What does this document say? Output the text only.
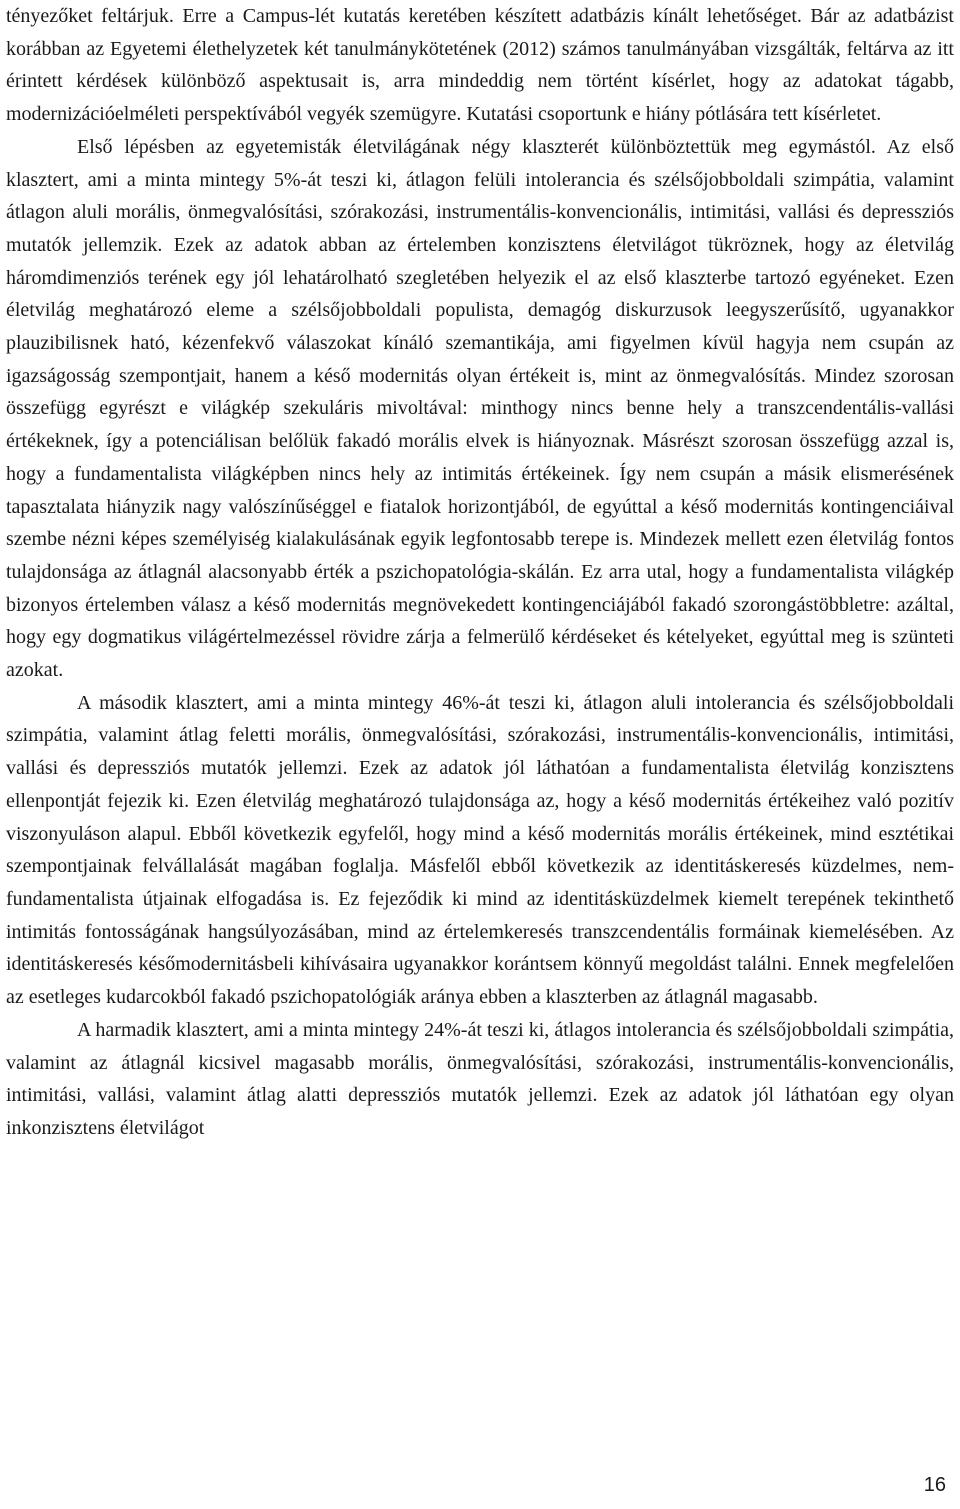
tényezőket feltárjuk. Erre a Campus-lét kutatás keretében készített adatbázis kínált lehetőséget. Bár az adatbázist korábban az Egyetemi élethelyzetek két tanulmánykötetének (2012) számos tanulmányában vizsgálták, feltárva az itt érintett kérdések különböző aspektusait is, arra mindeddig nem történt kísérlet, hogy az adatokat tágabb, modernizációelméleti perspektívából vegyék szemügyre. Kutatási csoportunk e hiány pótlására tett kísérletet.

Első lépésben az egyetemisták életvilágának négy klaszterét különböztettük meg egymástól. Az első klasztert, ami a minta mintegy 5%-át teszi ki, átlagon felüli intolerancia és szélsőjobboldali szimpátia, valamint átlagon aluli morális, önmegvalósítási, szórakozási, instrumentális-konvencionális, intimitási, vallási és depressziós mutatók jellemzik. Ezek az adatok abban az értelemben konzisztens életvilágot tükröznek, hogy az életvilág háromdimenziós terének egy jól lehatárolható szegletében helyezik el az első klaszterbe tartozó egyéneket. Ezen életvilág meghatározó eleme a szélsőjobboldali populista, demagóg diskurzusok leegyszerűsítő, ugyanakkor plauzibilisnek ható, kézenfekvő válaszokat kínáló szemantikája, ami figyelmen kívül hagyja nem csupán az igazságosság szempontjait, hanem a késő modernitás olyan értékeit is, mint az önmegvalósítás. Mindez szorosan összefügg egyrészt e világkép szekuláris mivoltával: minthogy nincs benne hely a transzcendentális-vallási értékeknek, így a potenciálisan belőlük fakadó morális elvek is hiányoznak. Másrészt szorosan összefügg azzal is, hogy a fundamentalista világképben nincs hely az intimitás értékeinek. Így nem csupán a másik elismerésének tapasztalata hiányzik nagy valószínűséggel e fiatalok horizontjából, de egyúttal a késő modernitás kontingenciáival szembe nézni képes személyiség kialakulásának egyik legfontosabb terepe is. Mindezek mellett ezen életvilág fontos tulajdonsága az átlagnál alacsonyabb érték a pszichopatológia-skálán. Ez arra utal, hogy a fundamentalista világkép bizonyos értelemben válasz a késő modernitás megnövekedett kontingenciájából fakadó szorongástöbbletre: azáltal, hogy egy dogmatikus világértelmezéssel rövidre zárja a felmerülő kérdéseket és kételyeket, egyúttal meg is szünteti azokat.

A második klasztert, ami a minta mintegy 46%-át teszi ki, átlagon aluli intolerancia és szélsőjobboldali szimpátia, valamint átlag feletti morális, önmegvalósítási, szórakozási, instrumentális-konvencionális, intimitási, vallási és depressziós mutatók jellemzi. Ezek az adatok jól láthatóan a fundamentalista életvilág konzisztens ellenpontját fejezik ki. Ezen életvilág meghatározó tulajdonsága az, hogy a késő modernitás értékeihez való pozitív viszonyuláson alapul. Ebből következik egyfelől, hogy mind a késő modernitás morális értékeinek, mind esztétikai szempontjainak felvállalását magában foglalja. Másfelől ebből következik az identitáskeresés küzdelmes, nem-fundamentalista útjainak elfogadása is. Ez fejeződik ki mind az identitásküzdelmek kiemelt terepének tekinthető intimitás fontosságának hangsúlyozásában, mind az értelemkeresés transzcendentális formáinak kiemelésében. Az identitáskeresés későmodernitásbeli kihívásaira ugyanakkor korántsem könnyű megoldást találni. Ennek megfelelően az esetleges kudarcokból fakadó pszichopatológiák aránya ebben a klaszterben az átlagnál magasabb.

A harmadik klasztert, ami a minta mintegy 24%-át teszi ki, átlagos intolerancia és szélsőjobboldali szimpátia, valamint az átlagnál kicsivel magasabb morális, önmegvalósítási, szórakozási, instrumentális-konvencionális, intimitási, vallási, valamint átlag alatti depressziós mutatók jellemzi. Ezek az adatok jól láthatóan egy olyan inkonzisztens életvilágot

16
